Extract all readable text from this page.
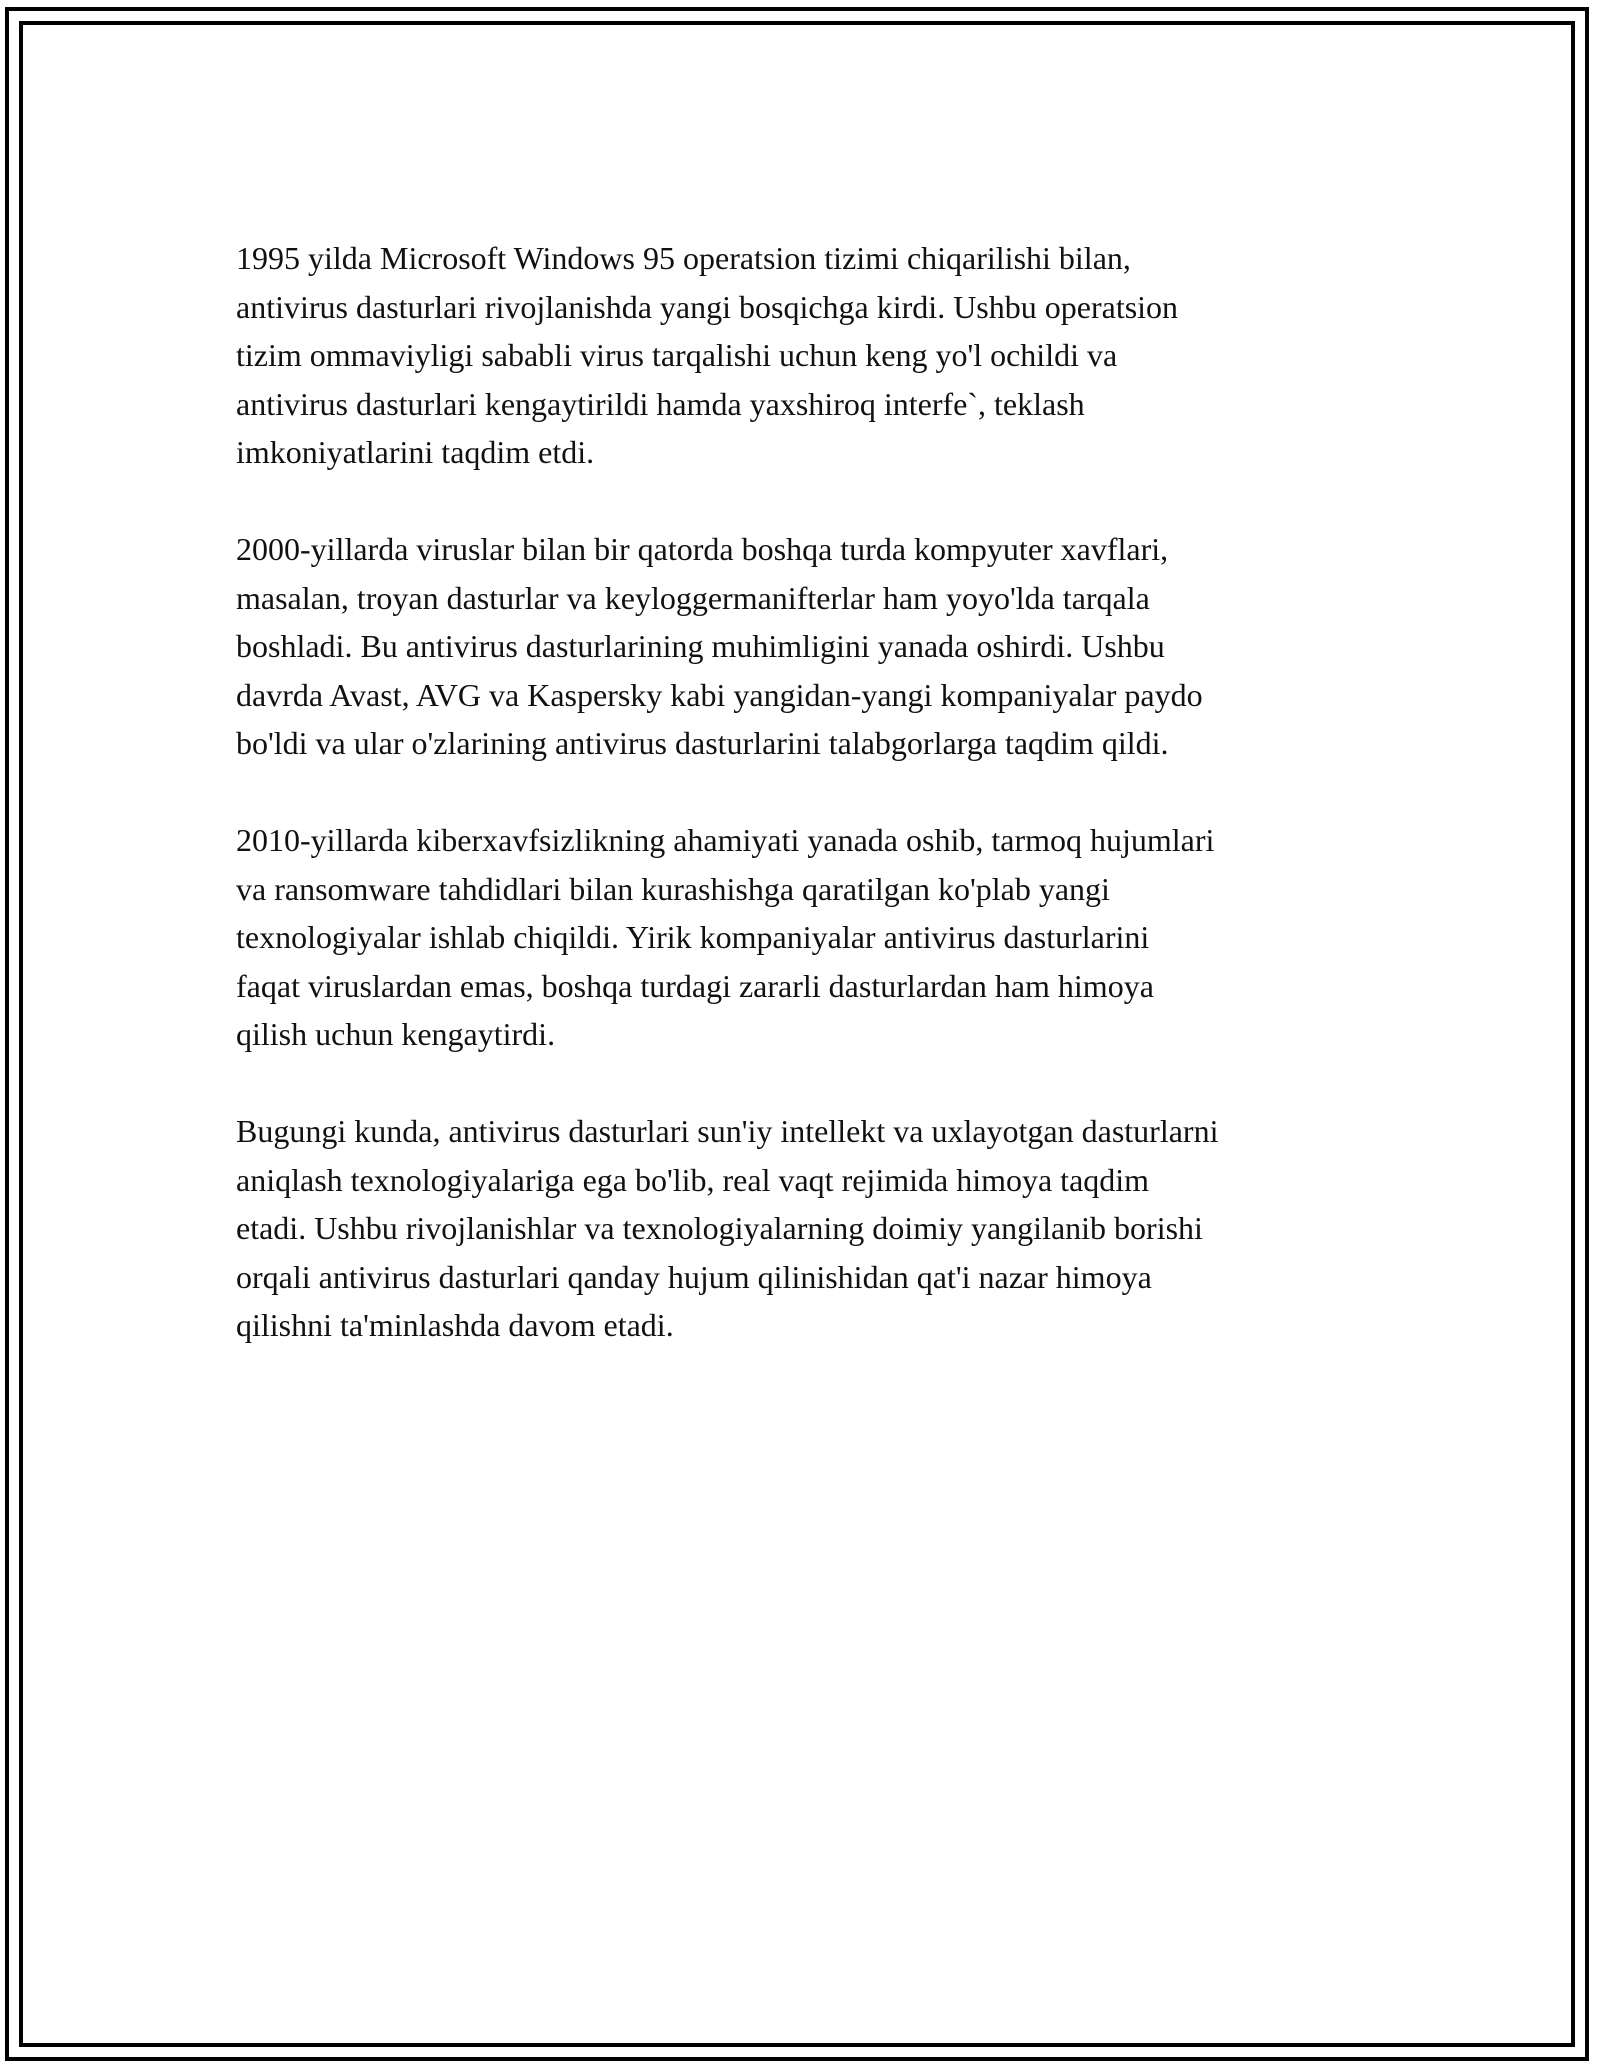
1995 yilda Microsoft Windows 95 operatsion tizimi chiqarilishi bilan,
antivirus dasturlari rivojlanishda yangi bosqichga kirdi. Ushbu operatsion
tizim ommaviyligi sababli virus tarqalishi uchun keng yo'l ochildi va
antivirus dasturlari kengaytirildi hamda yaxshiroq interfe`, teklash
imkoniyatlarini taqdim etdi.

2000-yillarda viruslar bilan bir qatorda boshqa turda kompyuter xavflari,
masalan, troyan dasturlar va keyloggermanifterlar ham yoyo'lda tarqala
boshladi. Bu antivirus dasturlarining muhimligini yanada oshirdi. Ushbu
davrda Avast, AVG va Kaspersky kabi yangidan-yangi kompaniyalar paydo
bo'ldi va ular o'zlarining antivirus dasturlarini talabgorlarga taqdim qildi.

2010-yillarda kiberxavfsizlikning ahamiyati yanada oshib, tarmoq hujumlari
va ransomware tahdidlari bilan kurashishga qaratilgan ko'plab yangi
texnologiyalar ishlab chiqildi. Yirik kompaniyalar antivirus dasturlarini
faqat viruslardan emas, boshqa turdagi zararli dasturlardan ham himoya
qilish uchun kengaytirdi.

Bugungi kunda, antivirus dasturlari sun'iy intellekt va uxlayotgan dasturlarni
aniqlash texnologiyalariga ega bo'lib, real vaqt rejimida himoya taqdim
etadi. Ushbu rivojlanishlar va texnologiyalarning doimiy yangilanib borishi
orqali antivirus dasturlari qanday hujum qilinishidan qat'i nazar himoya
qilishni ta'minlashda davom etadi.
